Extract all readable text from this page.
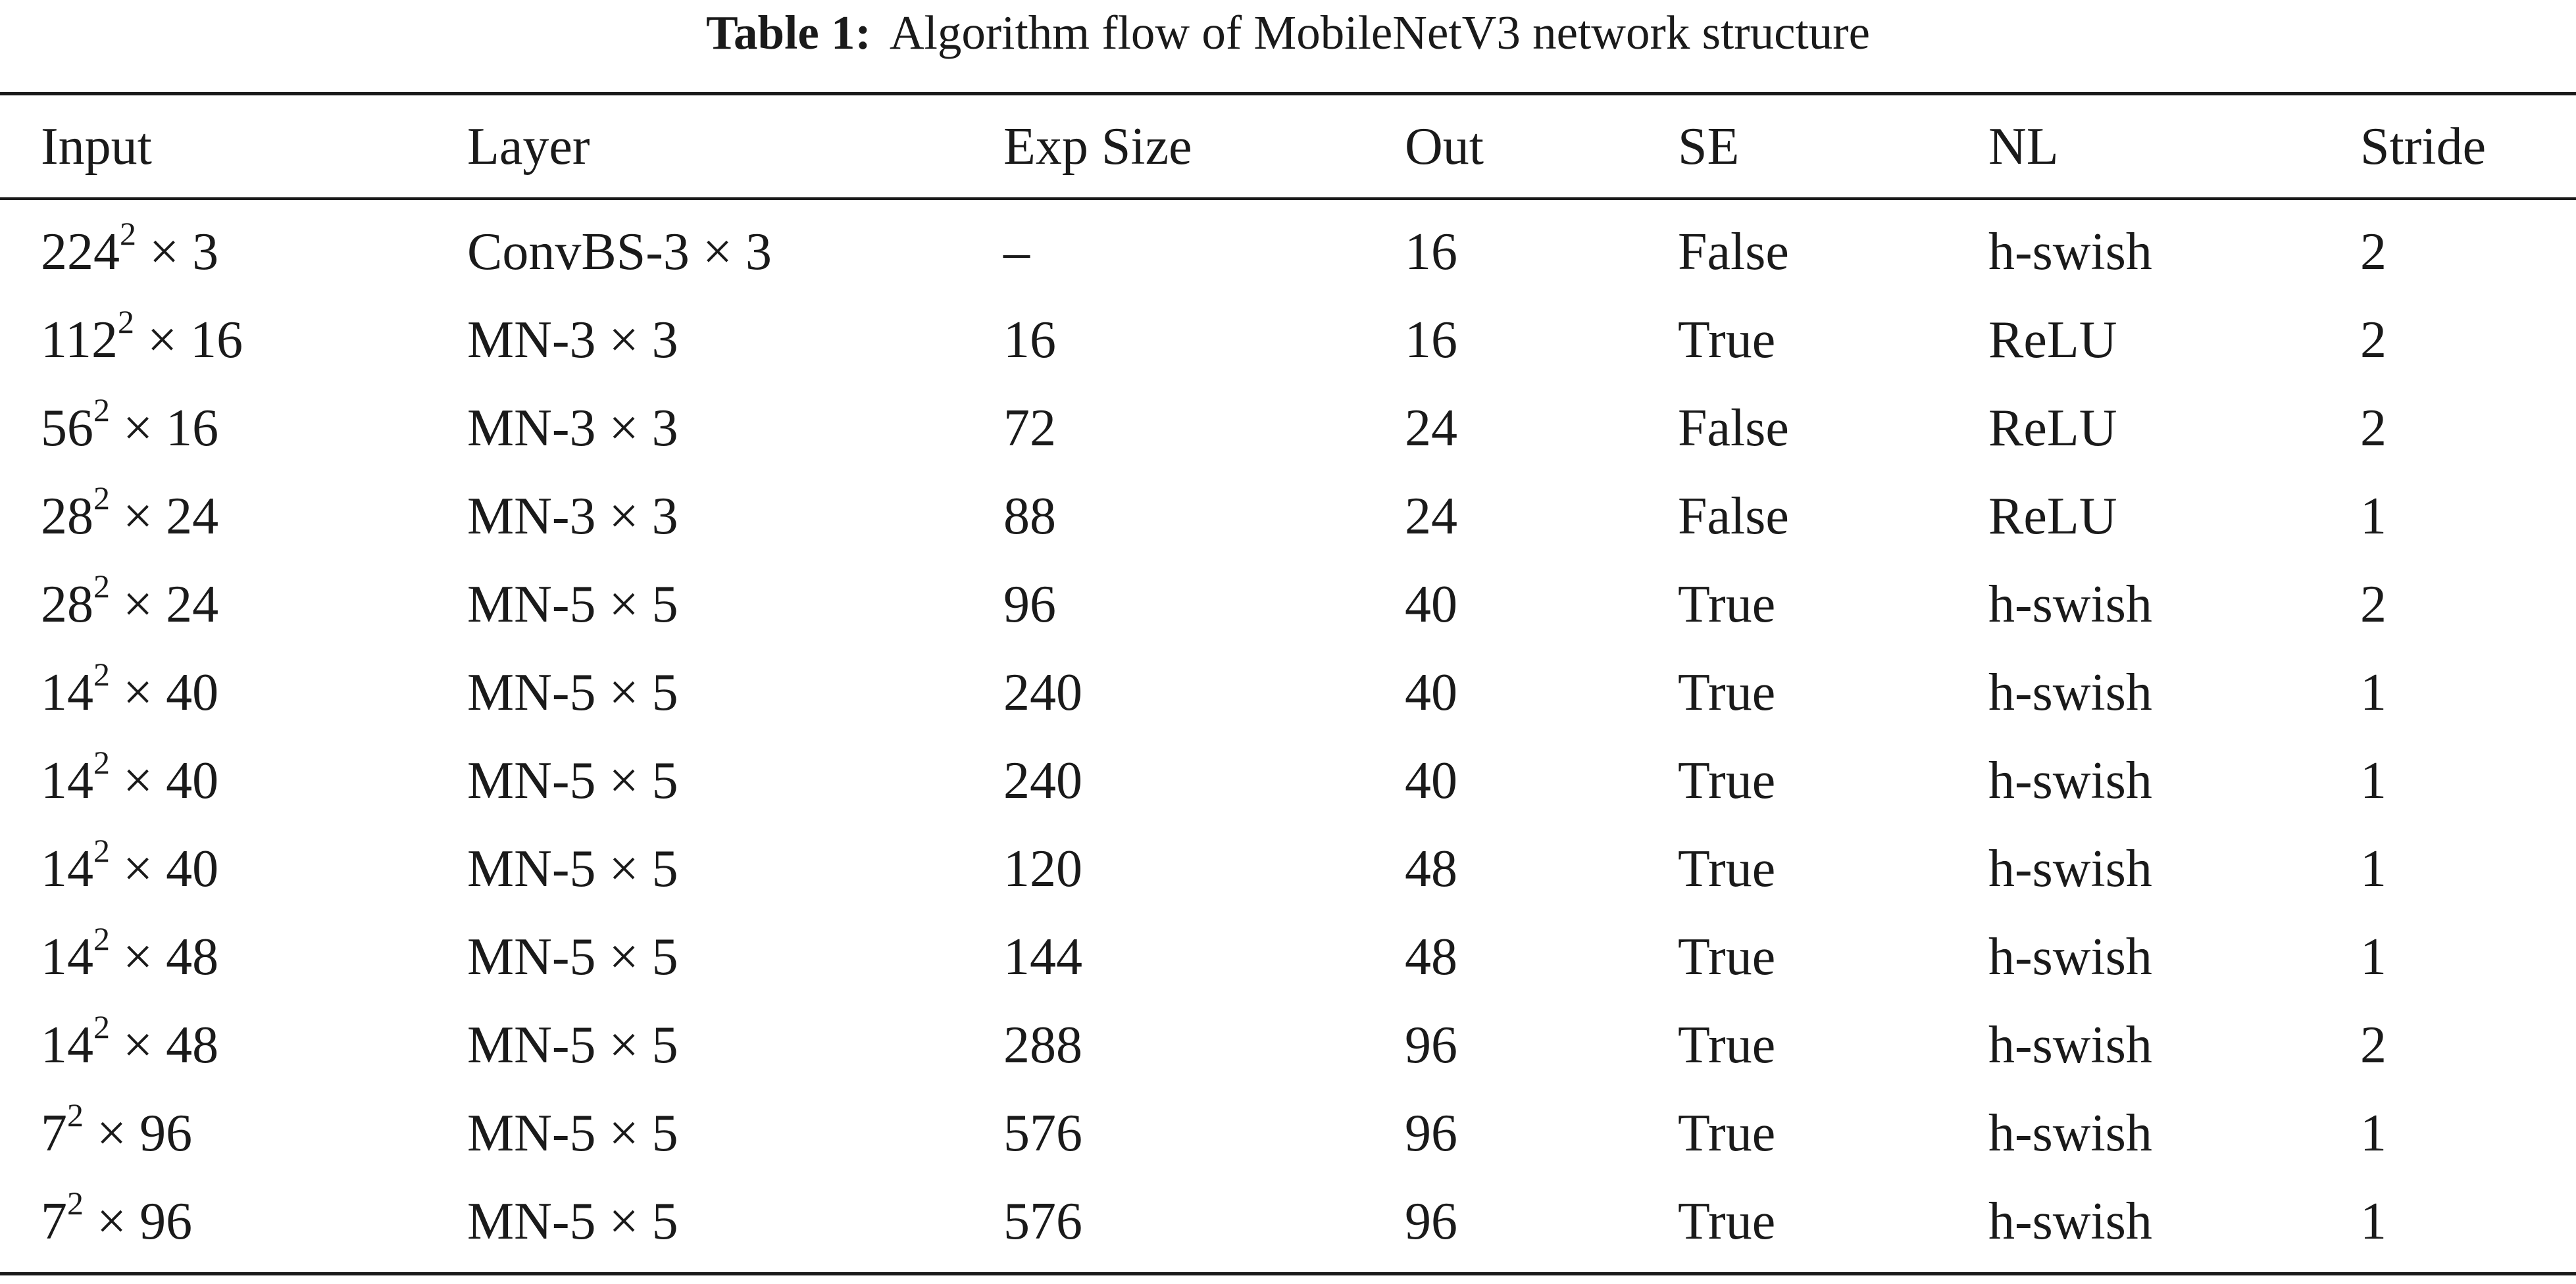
Table 1: Algorithm flow of MobileNetV3 network structure
Input	Layer	Exp Size	Out	SE	NL	Stride
$224^2 \times 3$	ConvBS-3 × 3	–	16	False	h-swish	2
$112^2 \times 16$	MN-3 × 3	16	16	True	ReLU	2
$56^2 \times 16$	MN-3 × 3	72	24	False	ReLU	2
$28^2 \times 24$	MN-3 × 3	88	24	False	ReLU	1
$28^2 \times 24$	MN-5 × 5	96	40	True	h-swish	2
$14^2 \times 40$	MN-5 × 5	240	40	True	h-swish	1
$14^2 \times 40$	MN-5 × 5	240	40	True	h-swish	1
$14^2 \times 40$	MN-5 × 5	120	48	True	h-swish	1
$14^2 \times 48$	MN-5 × 5	144	48	True	h-swish	1
$14^2 \times 48$	MN-5 × 5	288	96	True	h-swish	2
$7^2 \times 96$	MN-5 × 5	576	96	True	h-swish	1
$7^2 \times 96$	MN-5 × 5	576	96	True	h-swish	1
